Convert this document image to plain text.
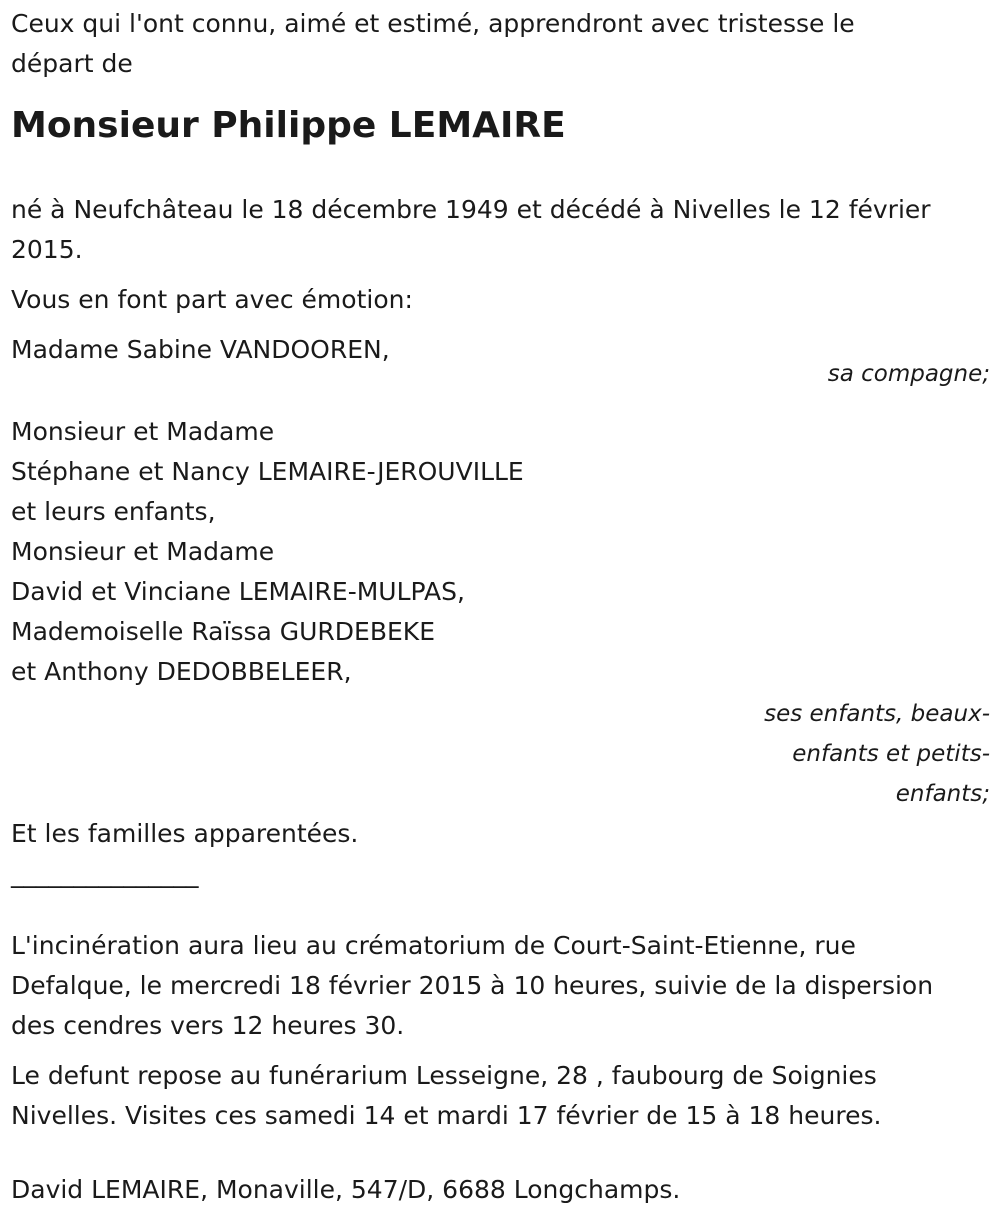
Ceux qui l'ont connu, aimé et estimé, apprendront avec tristesse le
départ de

Monsieur Philippe LEMAIRE

né à Neufchâteau le 18 décembre 1949 et décédé à Nivelles le 12 février
2015.

Vous en font part avec émotion:

Madame Sabine VANDOOREN,

sa compagne;

Monsieur et Madame
Stéphane et Nancy LEMAIRE-JEROUVILLE
et leurs enfants,
Monsieur et Madame
David et Vinciane LEMAIRE-MULPAS,
Mademoiselle Raïssa GURDEBEKE
et Anthony DEDOBBELEER,

ses enfants, beaux-
enfants et petits-
enfants;

Et les familles apparentées.

_______________

L'incinération aura lieu au crématorium de Court-Saint-Etienne, rue
Defalque, le mercredi 18 février 2015 à 10 heures, suivie de la dispersion
des cendres vers 12 heures 30.

Le defunt repose au funérarium Lesseigne, 28 , faubourg de Soignies
Nivelles. Visites ces samedi 14 et mardi 17 février de 15 à 18 heures.

David LEMAIRE, Monaville, 547/D, 6688 Longchamps.
